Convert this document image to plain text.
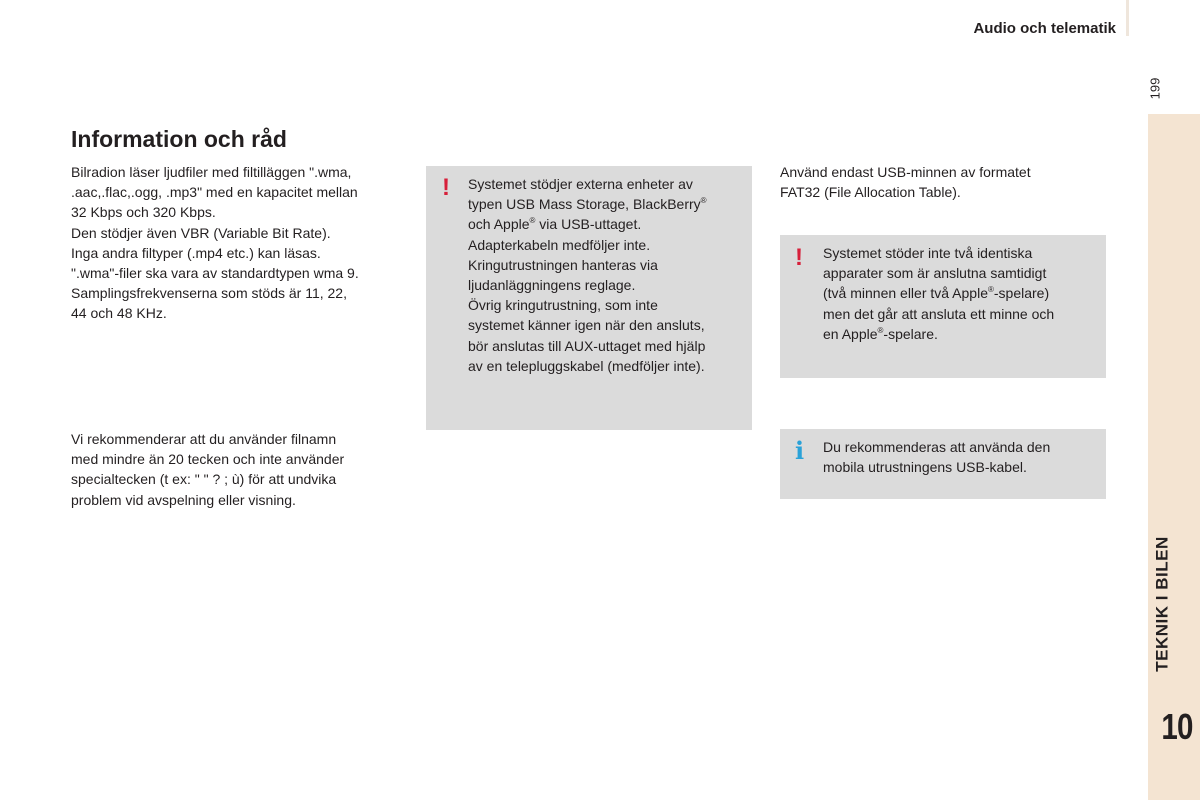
Audio och telematik
199
TEKNIK I BILEN
10
Information och råd
Bilradion läser ljudfiler med filtilläggen ".wma,
.aac,.flac,.ogg, .mp3" med en kapacitet mellan
32 Kbps och 320 Kbps.
Den stödjer även VBR (Variable Bit Rate).
Inga andra filtyper (.mp4 etc.) kan läsas.
".wma"-filer ska vara av standardtypen wma 9.
Samplingsfrekvenserna som stöds är 11, 22,
44 och 48 KHz.
Vi rekommenderar att du använder filnamn
med mindre än 20 tecken och inte använder
specialtecken (t ex: " " ? ; ù) för att undvika
problem vid avspelning eller visning.
! Systemet stödjer externa enheter av
typen USB Mass Storage, BlackBerry®
och Apple® via USB-uttaget.
Adapterkabeln medföljer inte.
Kringutrustningen hanteras via
ljudanläggningens reglage.
Övrig kringutrustning, som inte
systemet känner igen när den ansluts,
bör anslutas till AUX-uttaget med hjälp
av en telepluggskabel (medföljer inte).
Använd endast USB-minnen av formatet
FAT32 (File Allocation Table).
! Systemet stöder inte två identiska
apparater som är anslutna samtidigt
(två minnen eller två Apple®-spelare)
men det går att ansluta ett minne och
en Apple®-spelare.
i Du rekommenderas att använda den
mobila utrustningens USB-kabel.
